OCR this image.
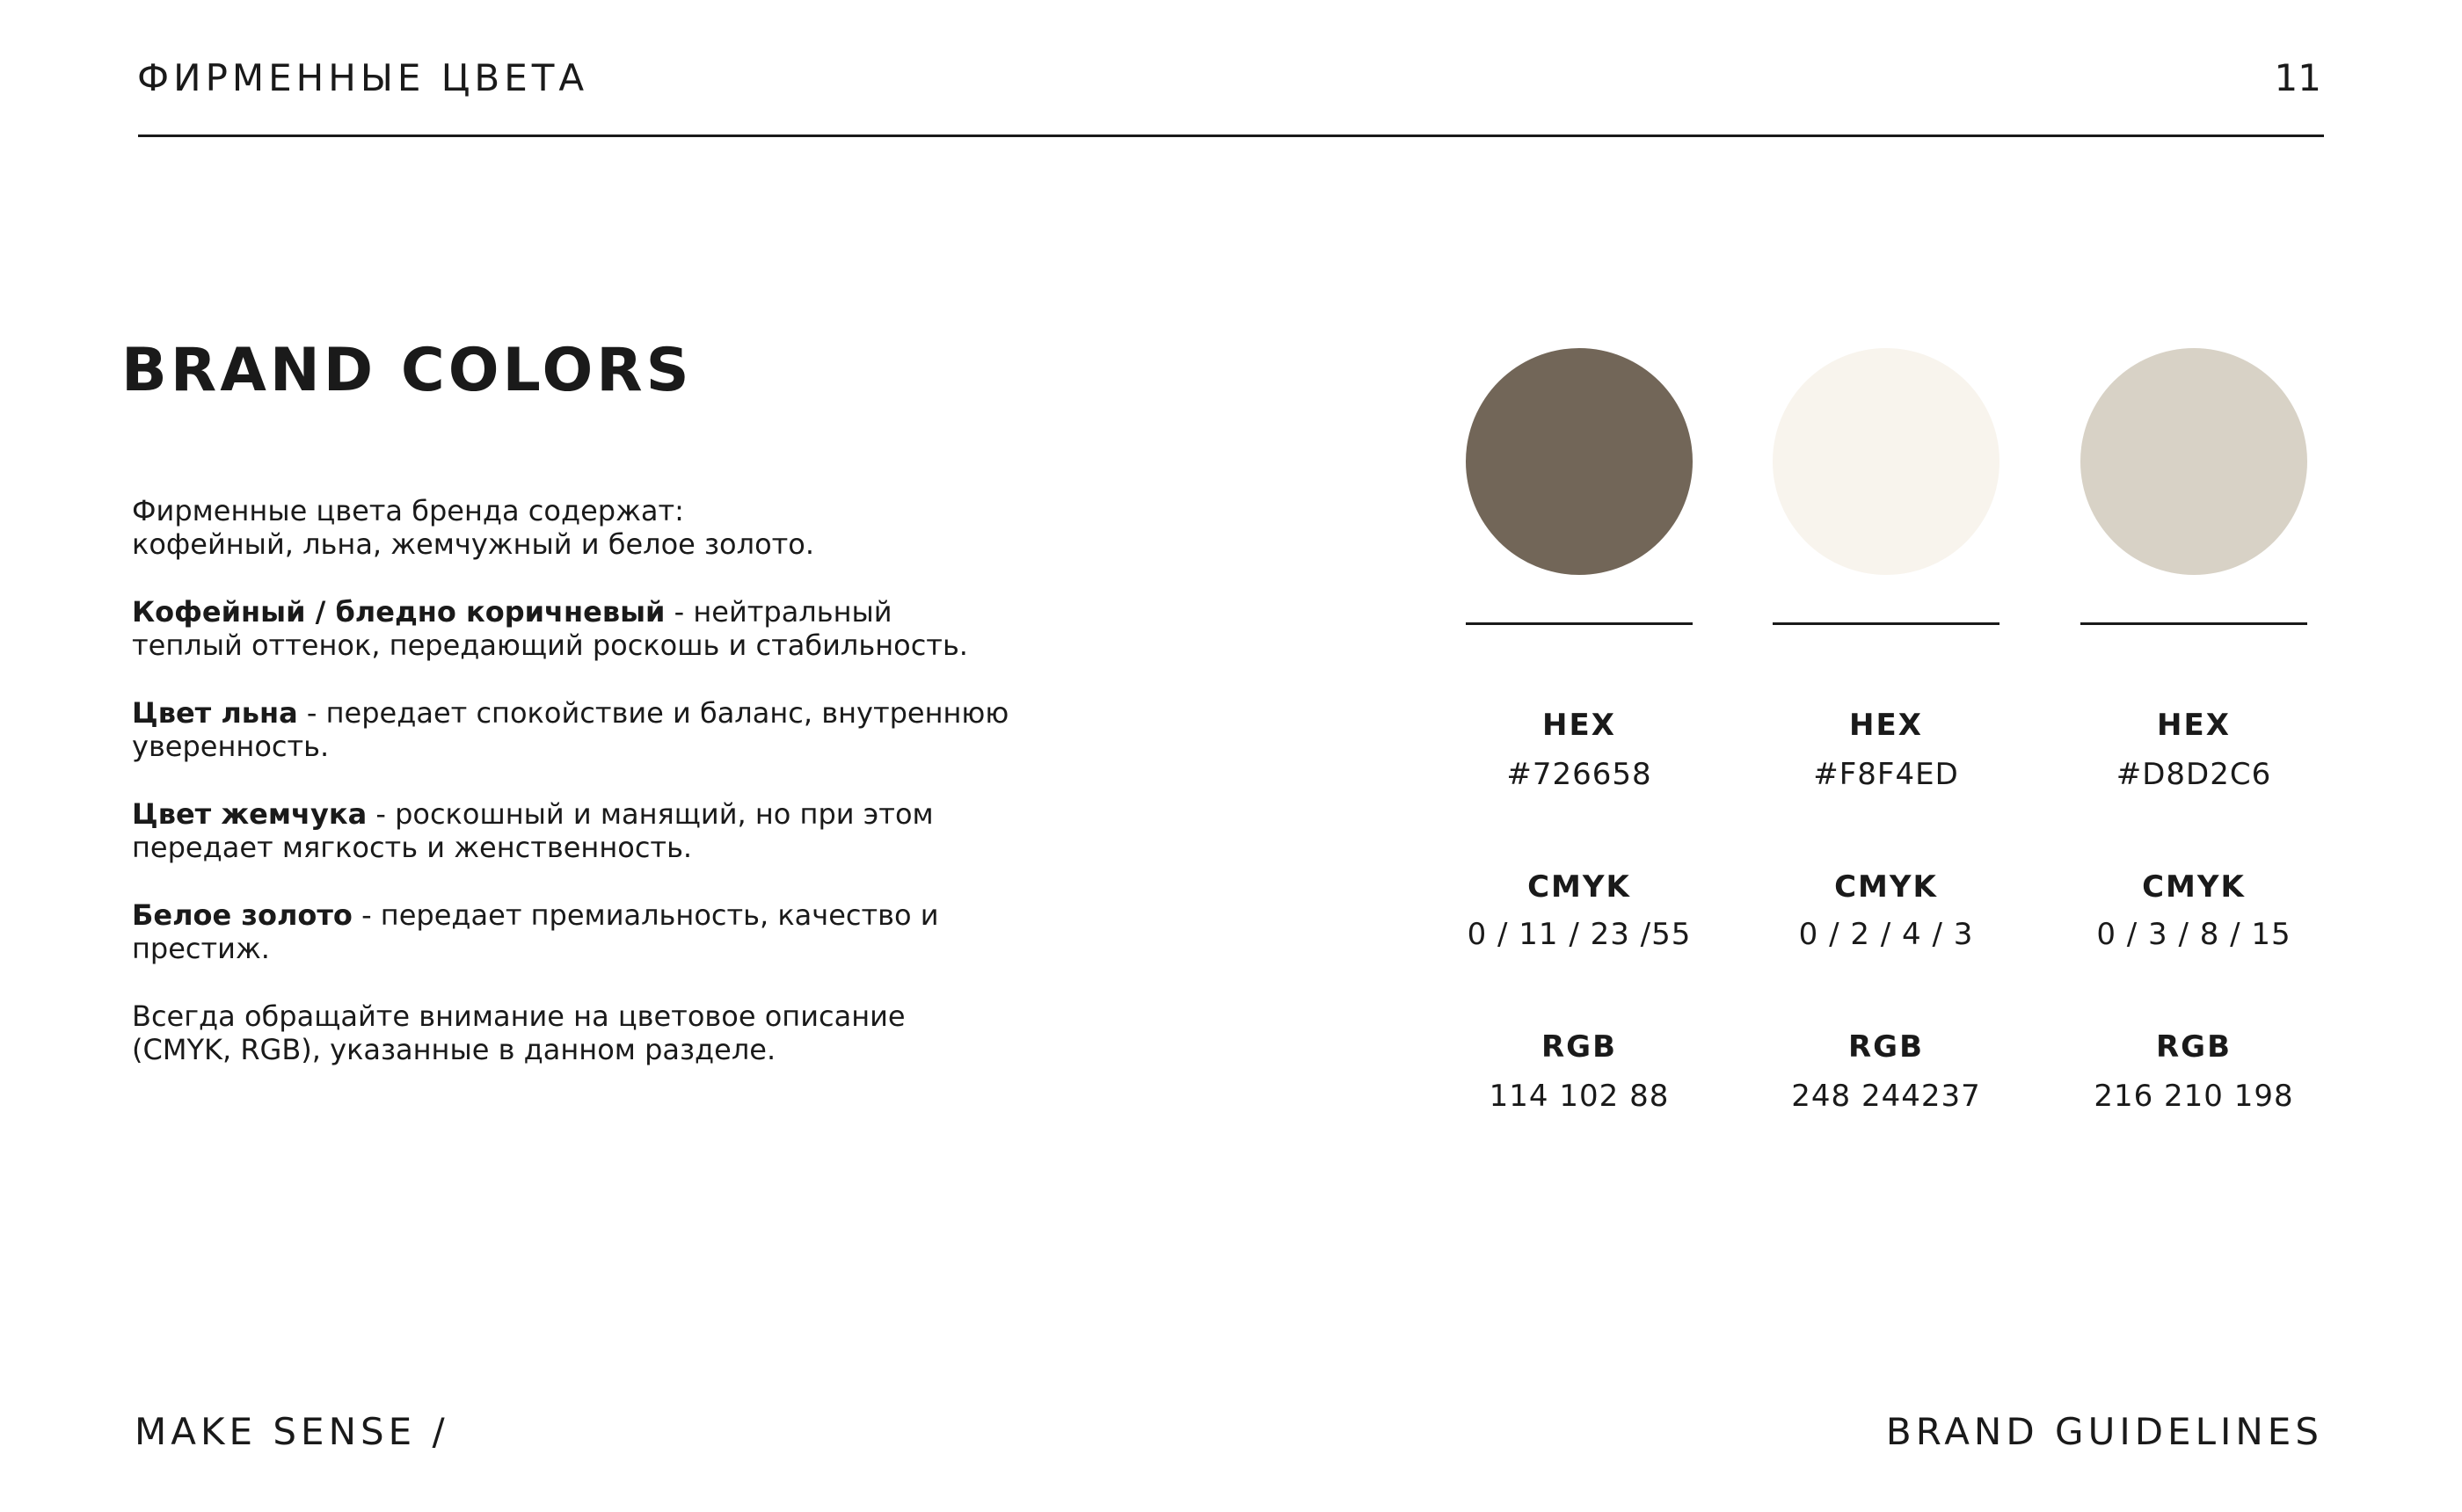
ФИРМЕННЫЕ ЦВЕТА	11
BRAND COLORS

Фирменные цвета бренда содержат:
кофейный, льна, жемчужный и белое золото.

Кофейный / бледно коричневый - нейтральный теплый оттенок, передающий роскошь и стабильность.

Цвет льна - передает спокойствие и баланс, внутреннюю уверенность.

Цвет жемчука - роскошный и манящий, но при этом передает мягкость и женственность.

Белое золото - передает премиальность, качество и престиж.

Всегда обращайте внимание на цветовое описание (CMYK, RGB), указанные в данном разделе.

HEX
#726658
CMYK
0 / 11 / 23 /55
RGB
114 102 88
HEX
#F8F4ED
CMYK
0 / 2 / 4 / 3
RGB
248 244237
HEX
#D8D2C6
CMYK
0 / 3 / 8 / 15
RGB
216 210 198
MAKE SENSE /	BRAND GUIDELINES
